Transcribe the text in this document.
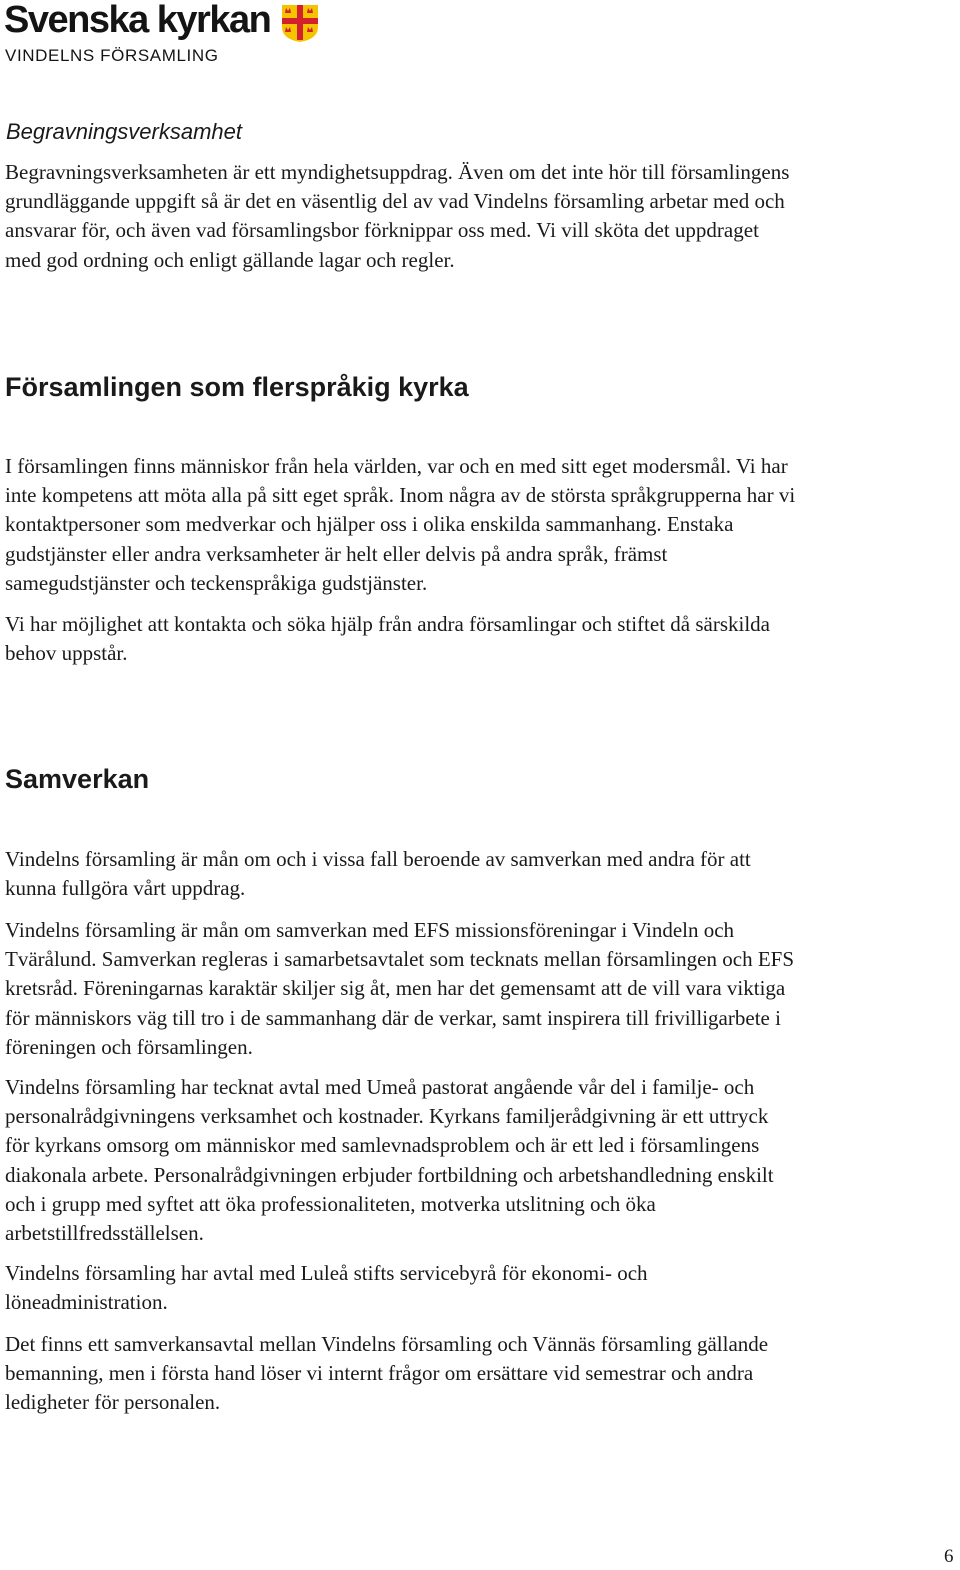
Svenska kyrkan
VINDELNS FÖRSAMLING
Begravningsverksamhet
Begravningsverksamheten är ett myndighetsuppdrag. Även om det inte hör till församlingens
grundläggande uppgift så är det en väsentlig del av vad Vindelns församling arbetar med och
ansvarar för, och även vad församlingsbor förknippar oss med. Vi vill sköta det uppdraget
med god ordning och enligt gällande lagar och regler.
Församlingen som flerspråkig kyrka
I församlingen finns människor från hela världen, var och en med sitt eget modersmål. Vi har
inte kompetens att möta alla på sitt eget språk. Inom några av de största språkgrupperna har vi
kontaktpersoner som medverkar och hjälper oss i olika enskilda sammanhang. Enstaka
gudstjänster eller andra verksamheter är helt eller delvis på andra språk, främst
samegudstjänster och teckenspråkiga gudstjänster.
Vi har möjlighet att kontakta och söka hjälp från andra församlingar och stiftet då särskilda
behov uppstår.
Samverkan
Vindelns församling är mån om och i vissa fall beroende av samverkan med andra för att
kunna fullgöra vårt uppdrag.
Vindelns församling är mån om samverkan med EFS missionsföreningar i Vindeln och
Tvärålund. Samverkan regleras i samarbetsavtalet som tecknats mellan församlingen och EFS
kretsråd. Föreningarnas karaktär skiljer sig åt, men har det gemensamt att de vill vara viktiga
för människors väg till tro i de sammanhang där de verkar, samt inspirera till frivilligarbete i
föreningen och församlingen.
Vindelns församling har tecknat avtal med Umeå pastorat angående vår del i familje- och
personalrådgivningens verksamhet och kostnader. Kyrkans familjerådgivning är ett uttryck
för kyrkans omsorg om människor med samlevnadsproblem och är ett led i församlingens
diakonala arbete. Personalrådgivningen erbjuder fortbildning och arbetshandledning enskilt
och i grupp med syftet att öka professionaliteten, motverka utslitning och öka
arbetstillfredsställelsen.
Vindelns församling har avtal med Luleå stifts servicebyrå för ekonomi- och
löneadministration.
Det finns ett samverkansavtal mellan Vindelns församling och Vännäs församling gällande
bemanning, men i första hand löser vi internt frågor om ersättare vid semestrar och andra
ledigheter för personalen.
6
